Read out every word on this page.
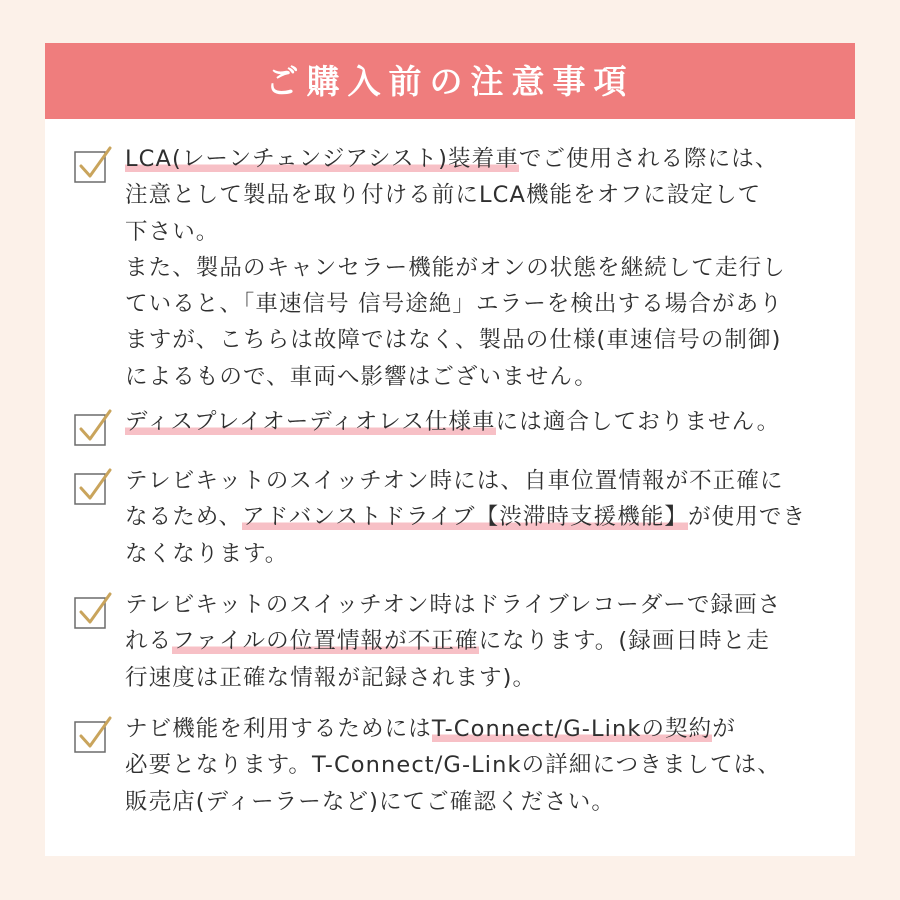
ご購入前の注意事項
LCA(レーンチェンジアシスト)装着車でご使用される際には、
注意として製品を取り付ける前にLCA機能をオフに設定して
下さい。
また、製品のキャンセラー機能がオンの状態を継続して走行し
ていると、「車速信号 信号途絶」エラーを検出する場合があり
ますが、こちらは故障ではなく、製品の仕様(車速信号の制御)
によるもので、車両へ影響はございません。
ディスプレイオーディオレス仕様車には適合しておりません。
テレビキットのスイッチオン時には、自車位置情報が不正確に
なるため、アドバンストドライブ【渋滞時支援機能】が使用でき
なくなります。
テレビキットのスイッチオン時はドライブレコーダーで録画さ
れるファイルの位置情報が不正確になります。(録画日時と走
行速度は正確な情報が記録されます)。
ナビ機能を利用するためにはT-Connect/G-Linkの契約が
必要となります。T-Connect/G-Linkの詳細につきましては、
販売店(ディーラーなど)にてご確認ください。
